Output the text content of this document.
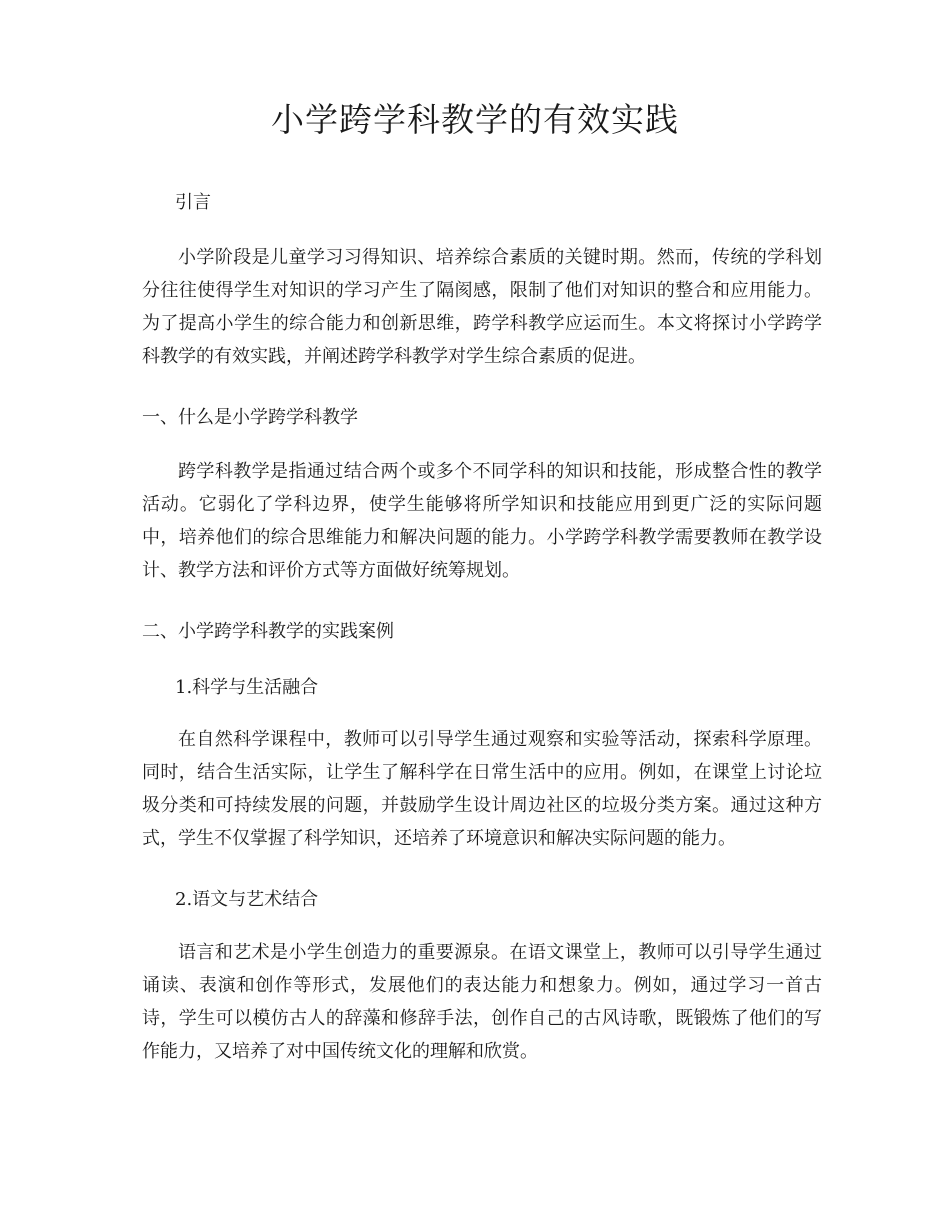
小学跨学科教学的有效实践
引言

小学阶段是儿童学习习得知识、培养综合素质的关键时期。然而，传统的学科划分往往使得学生对知识的学习产生了隔阂感，限制了他们对知识的整合和应用能力。为了提高小学生的综合能力和创新思维，跨学科教学应运而生。本文将探讨小学跨学科教学的有效实践，并阐述跨学科教学对学生综合素质的促进。

一、什么是小学跨学科教学

跨学科教学是指通过结合两个或多个不同学科的知识和技能，形成整合性的教学活动。它弱化了学科边界，使学生能够将所学知识和技能应用到更广泛的实际问题中，培养他们的综合思维能力和解决问题的能力。小学跨学科教学需要教师在教学设计、教学方法和评价方式等方面做好统筹规划。

二、小学跨学科教学的实践案例
1.科学与生活融合

在自然科学课程中，教师可以引导学生通过观察和实验等活动，探索科学原理。同时，结合生活实际，让学生了解科学在日常生活中的应用。例如，在课堂上讨论垃圾分类和可持续发展的问题，并鼓励学生设计周边社区的垃圾分类方案。通过这种方式，学生不仅掌握了科学知识，还培养了环境意识和解决实际问题的能力。

2.语文与艺术结合

语言和艺术是小学生创造力的重要源泉。在语文课堂上，教师可以引导学生通过诵读、表演和创作等形式，发展他们的表达能力和想象力。例如，通过学习一首古诗，学生可以模仿古人的辞藻和修辞手法，创作自己的古风诗歌，既锻炼了他们的写作能力，又培养了对中国传统文化的理解和欣赏。
